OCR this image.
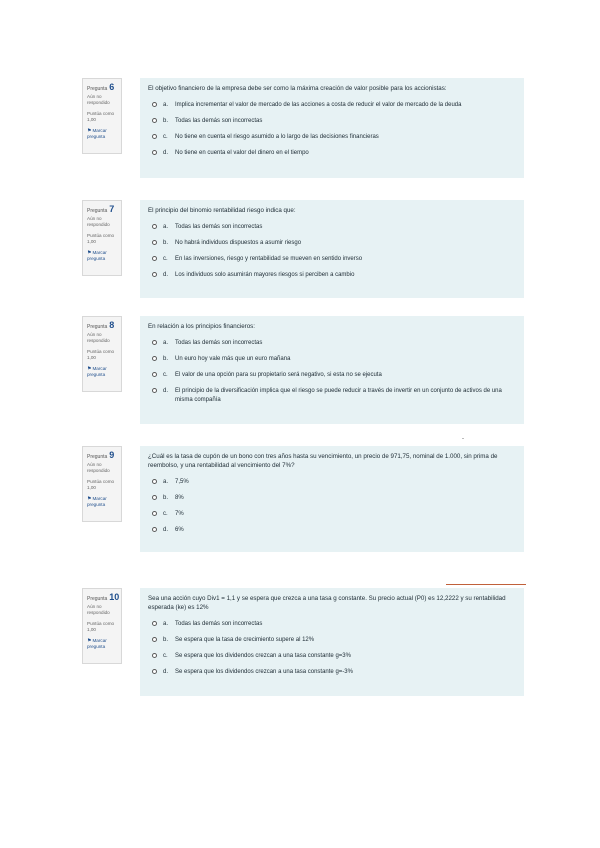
Pregunta 6
Aún no respondido
Puntúa como 1,00
⚑Marcar pregunta

El objetivo financiero de la empresa debe ser como la máxima creación de valor posible para los accionistas:

a.	Implica incrementar el valor de mercado de las acciones a costa de reducir el valor de mercado de la deuda
b.	Todas las demás son incorrectas
c.	No tiene en cuenta el riesgo asumido a lo largo de las decisiones financieras
d.	No tiene en cuenta el valor del dinero en el tiempo
Pregunta 7
Aún no respondido
Puntúa como 1,00
⚑Marcar pregunta

El principio del binomio rentabilidad riesgo indica que:

a.	Todas las demás son incorrectas
b.	No habrá individuos dispuestos a asumir riesgo
c.	En las inversiones, riesgo y rentabilidad se mueven en sentido inverso
d.	Los individuos solo asumirán mayores riesgos si perciben a cambio
Pregunta 8
Aún no respondido
Puntúa como 1,00
⚑Marcar pregunta

En relación a los principios financieros:

a.	Todas las demás son incorrectas
b.	Un euro hoy vale más que un euro mañana
c.	El valor de una opción para su propietario será negativo, si esta no se ejecuta
d.	El principio de la diversificación implica que el riesgo se puede reducir a través de invertir en un conjunto de activos de una misma compañía
Pregunta 9
Aún no respondido
Puntúa como 1,00
⚑Marcar pregunta

¿Cuál es la tasa de cupón de un bono con tres años hasta su vencimiento, un precio de 971,75, nominal de 1.000, sin prima de reembolso, y una rentabilidad al vencimiento del 7%?

a.	7,5%
b.	8%
c.	7%
d.	6%
Pregunta 10
Aún no respondido
Puntúa como 1,00
⚑Marcar pregunta

Sea una acción cuyo Div1 = 1,1 y se espera que crezca a una tasa g constante. Su precio actual (P0) es 12,2222 y su rentabilidad esperada (ke) es 12%

a.	Todas las demás son incorrectas
b.	Se espera que la tasa de crecimiento supere al 12%
c.	Se espera que los dividendos crezcan a una tasa constante g=3%
d.	Se espera que los dividendos crezcan a una tasa constante g=-3%
